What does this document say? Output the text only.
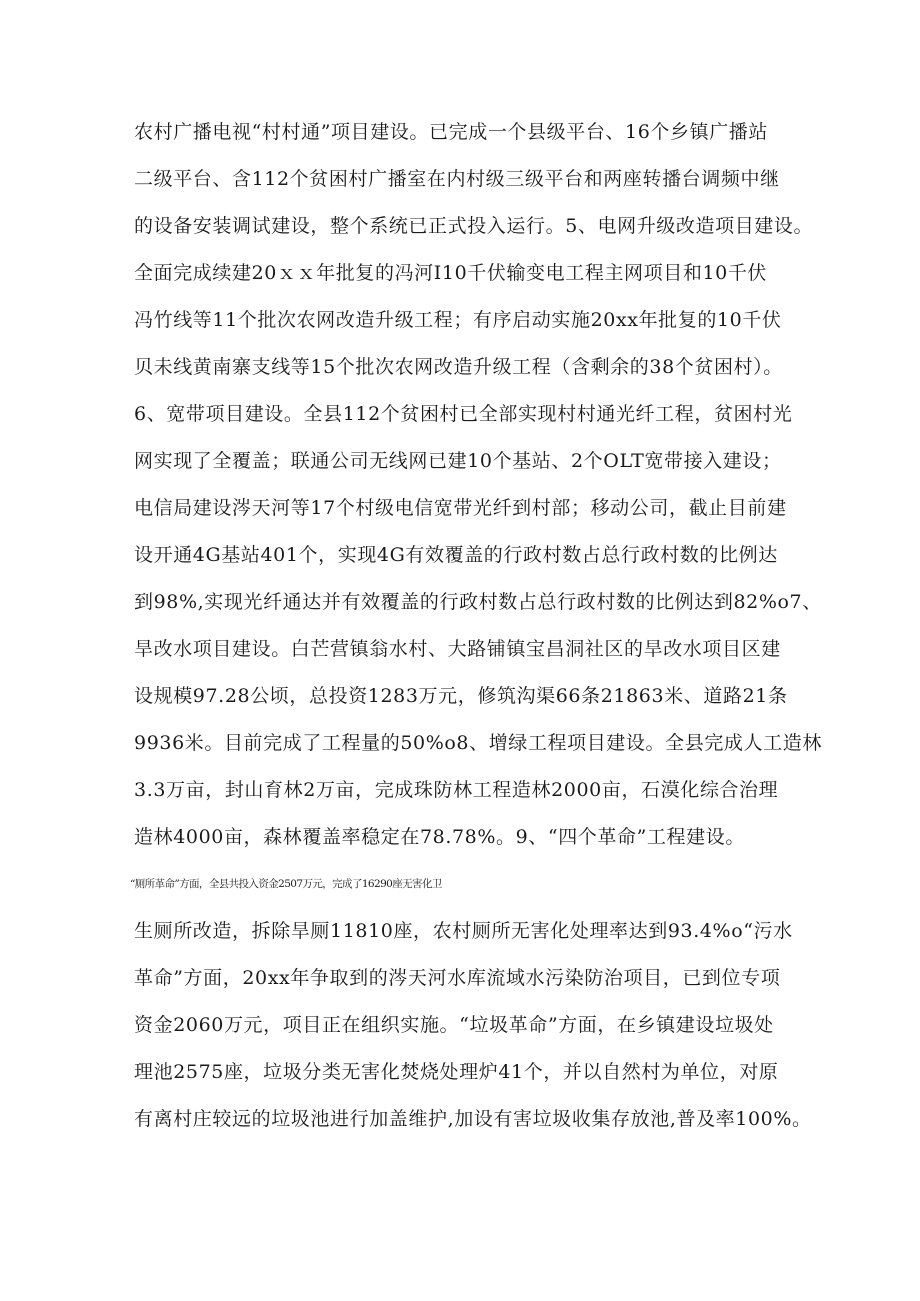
农村广播电视“村村通”项目建设。已完成一个县级平台、16个乡镇广播站
二级平台、含112个贫困村广播室在内村级三级平台和两座转播台调频中继
的设备安装调试建设，整个系统已正式投入运行。5、电网升级改造项目建设。
全面完成续建20ｘｘ年批复的冯河I10千伏输变电工程主网项目和10千伏
冯竹线等11个批次农网改造升级工程；有序启动实施20xx年批复的10千伏
贝未线黄南寨支线等15个批次农网改造升级工程（含剩余的38个贫困村）。
6、宽带项目建设。全县112个贫困村已全部实现村村通光纤工程，贫困村光
网实现了全覆盖；联通公司无线网已建10个基站、2个OLT宽带接入建设；
电信局建设涔天河等17个村级电信宽带光纤到村部；移动公司，截止目前建
设开通4G基站401个，实现4G有效覆盖的行政村数占总行政村数的比例达
到98%,实现光纤通达并有效覆盖的行政村数占总行政村数的比例达到82%o7、
旱改水项目建设。白芒营镇翁水村、大路铺镇宝昌洞社区的旱改水项目区建
设规模97.28公顷，总投资1283万元，修筑沟渠66条21863米、道路21条
9936米。目前完成了工程量的50%o8、增绿工程项目建设。全县完成人工造林
3.3万亩，封山育林2万亩，完成珠防林工程造林2000亩，石漠化综合治理
造林4000亩，森林覆盖率稳定在78.78%。9、“四个革命”工程建设。
“厕所革命”方面，全县共投入资金2507万元，完成了16290座无害化卫
生厕所改造，拆除旱厕11810座，农村厕所无害化处理率达到93.4%o“污水
革命”方面，20xx年争取到的涔天河水库流域水污染防治项目，已到位专项
资金2060万元，项目正在组织实施。“垃圾革命”方面，在乡镇建设垃圾处
理池2575座，垃圾分类无害化焚烧处理炉41个，并以自然村为单位，对原
有离村庄较远的垃圾池进行加盖维护,加设有害垃圾收集存放池,普及率100%。
